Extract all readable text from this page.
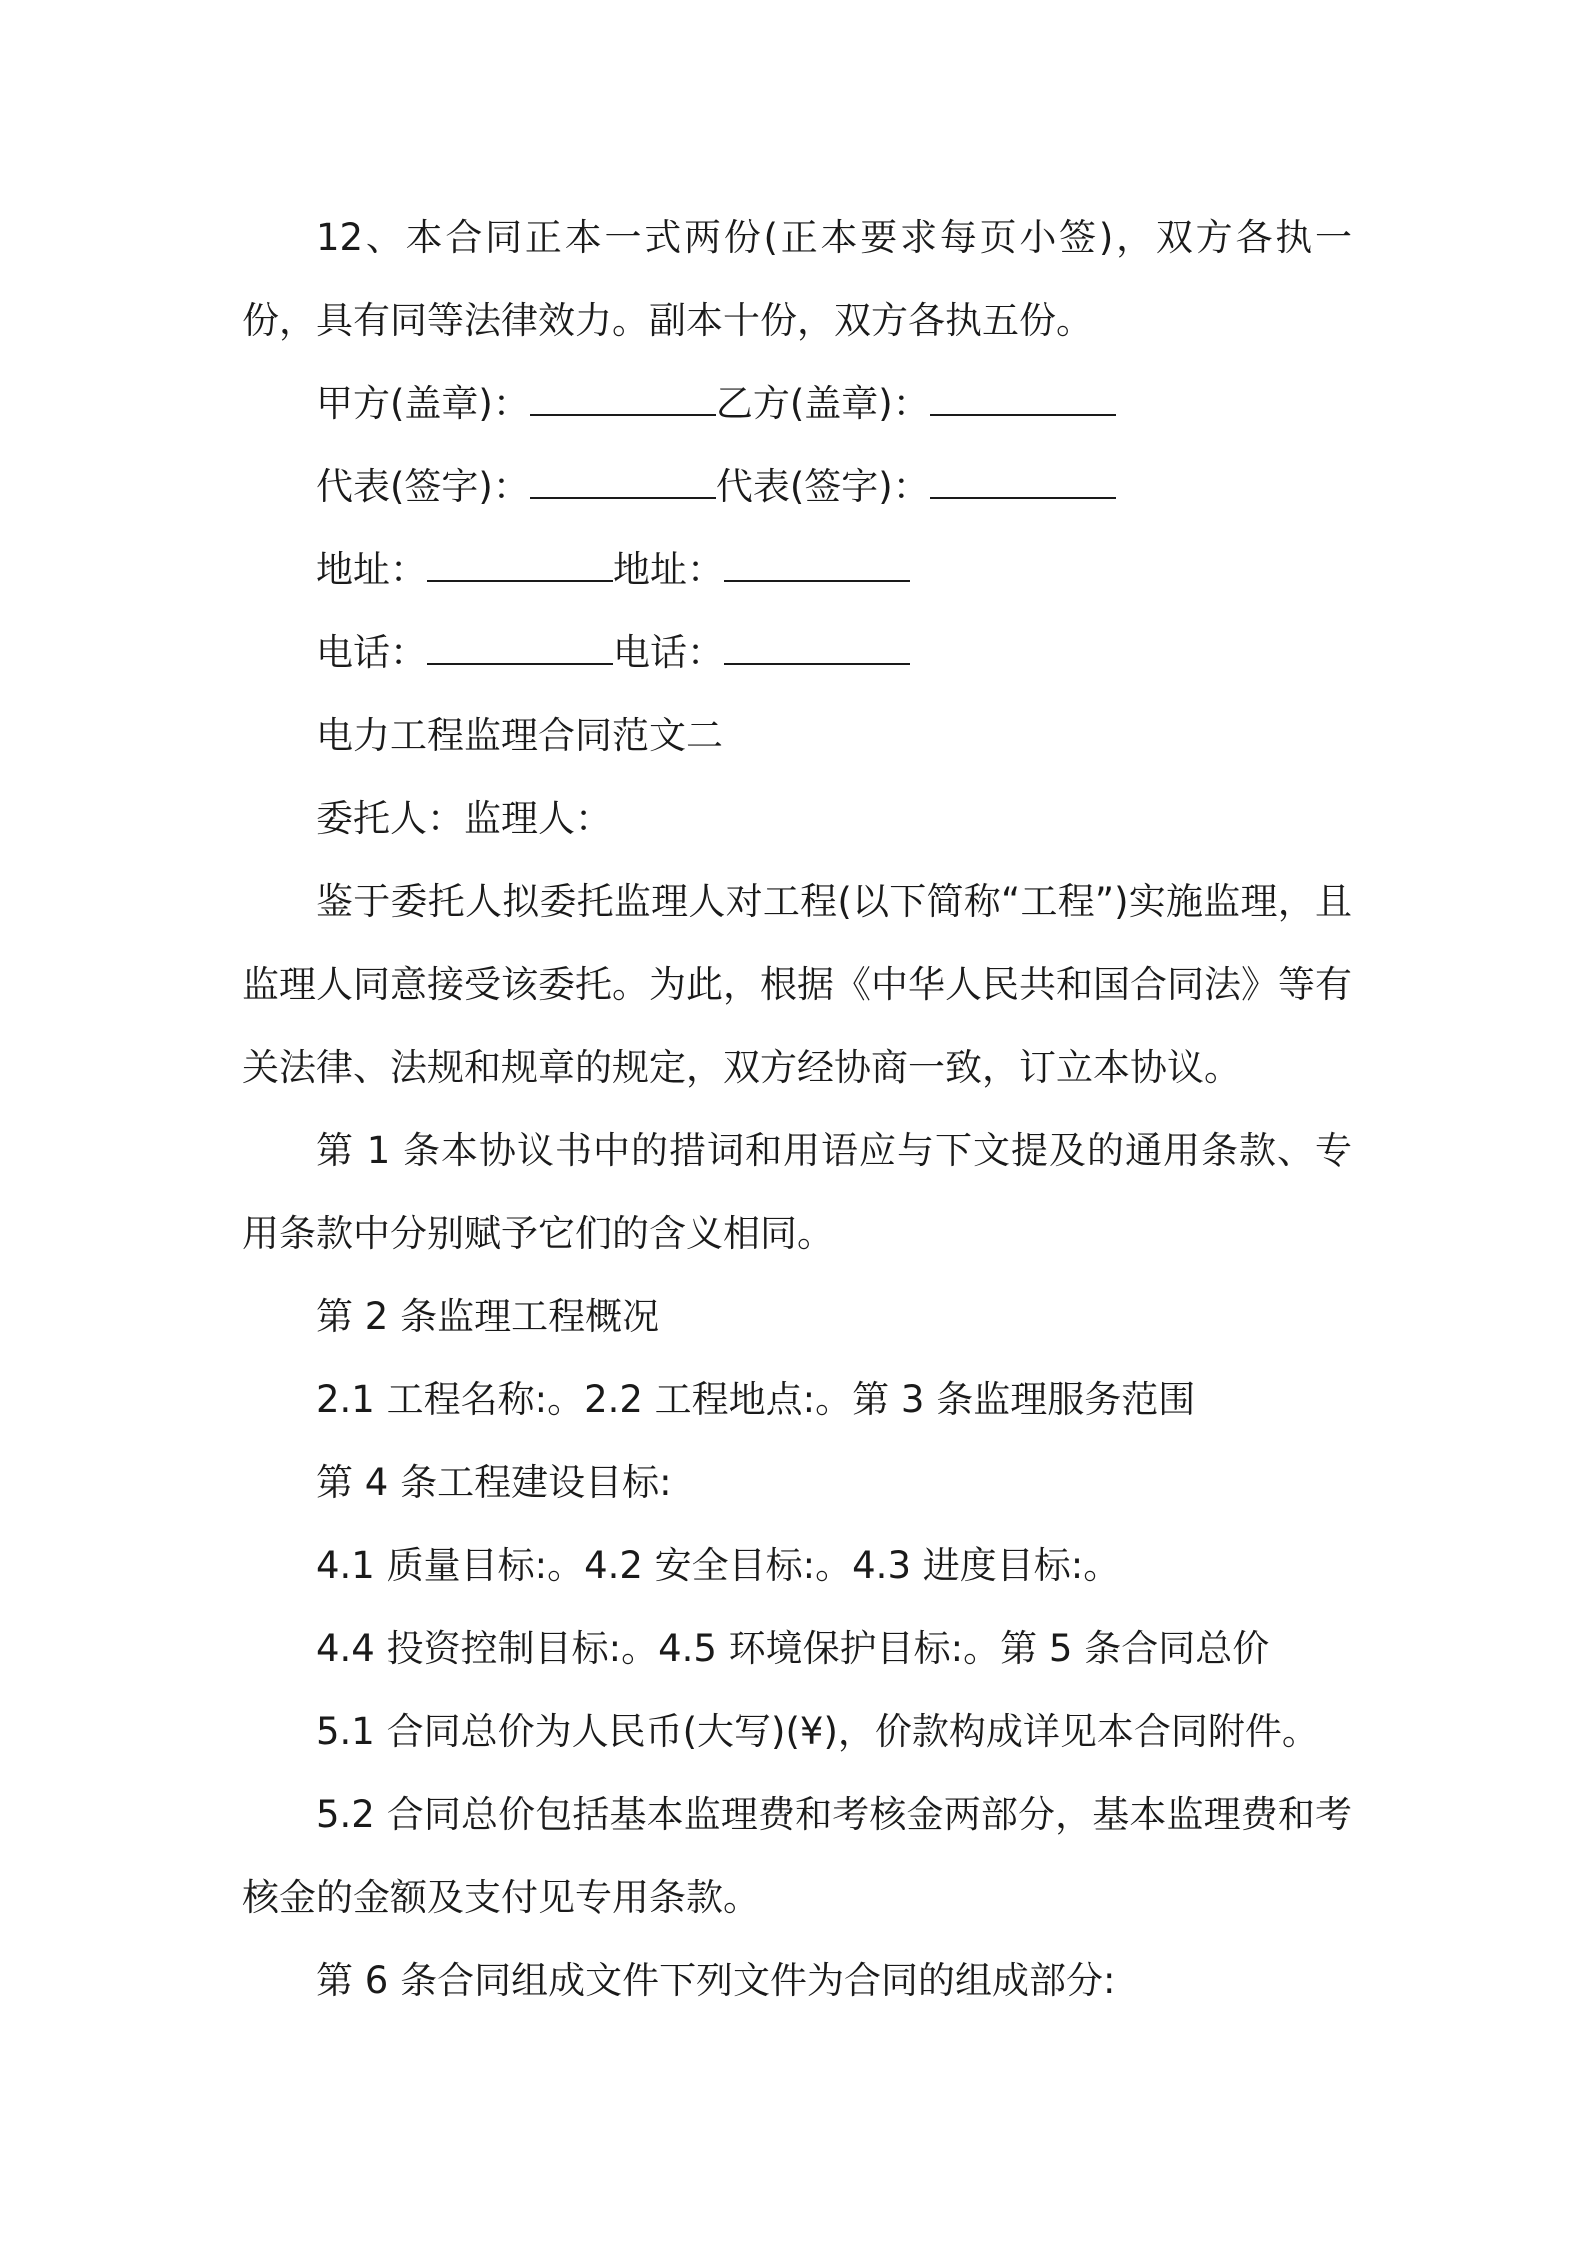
12、本合同正本一式两份(正本要求每页小签)，双方各执一份，具有同等法律效力。副本十份，双方各执五份。

甲方(盖章)：	乙方(盖章)：

代表(签字)：	代表(签字)：

地址：	地址：

电话：	电话：

电力工程监理合同范文二

委托人：监理人：

鉴于委托人拟委托监理人对工程(以下简称“工程”)实施监理，且监理人同意接受该委托。为此，根据《中华人民共和国合同法》等有关法律、法规和规章的规定，双方经协商一致，订立本协议。

第 1 条本协议书中的措词和用语应与下文提及的通用条款、专用条款中分别赋予它们的含义相同。

第 2 条监理工程概况

2.1 工程名称:。2.2 工程地点:。第 3 条监理服务范围

第 4 条工程建设目标:

4.1 质量目标:。4.2 安全目标:。4.3 进度目标:。

4.4 投资控制目标:。4.5 环境保护目标:。第 5 条合同总价

5.1 合同总价为人民币(大写)(¥)，价款构成详见本合同附件。

5.2 合同总价包括基本监理费和考核金两部分，基本监理费和考核金的金额及支付见专用条款。

第 6 条合同组成文件下列文件为合同的组成部分:
